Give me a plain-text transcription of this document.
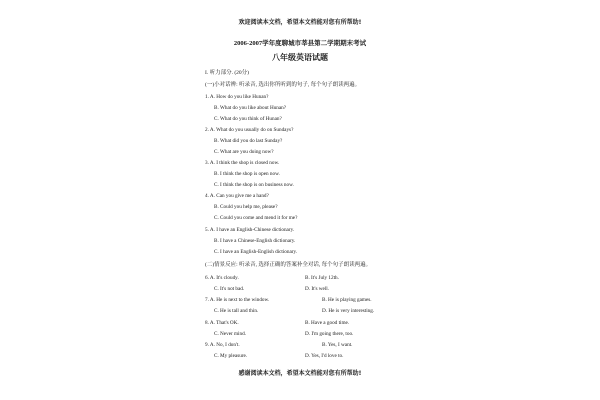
欢迎阅读本文档，希望本文档能对您有所帮助!
2006-2007学年度聊城市莘县第二学期期末考试
八年级英语试题
I. 听力部分. (20分)
(一)小对话辨: 听录音, 选出你所听到的句子, 每个句子朗读两遍。
1. A. How do you like Hunan?
B. What do you like about Hunan?
C. What do you think of Hunan?
2. A. What do you usually do on Sundays?
B. What did you do last Sunday?
C. What are you doing now?
3. A. I think the shop is closed now.
B. I think the shop is open now.
C. I think the shop is on business now.
4. A. Can you give me a hand?
B. Could you help me, please?
C. Could you come and mend it for me?
5. A. I have an English-Chinese dictionary.
B. I have a Chinese-English dictionary.
C. I have an English-English dictionary.
(二)情景反应: 听录音, 选择正确的答案补全对话, 每个句子朗读两遍。
6. A. It's cloudy.	B. It's July 12th.
C. It's not bad.	D. It's well.
7. A. He is next to the window.	B. He is playing games.
C. He is tall and thin.	D. He is very interesting.
8. A. That's OK.	B. Have a good time.
C. Never mind.	D. I'm going there, too.
9. A. No, I don't.	B. Yes, I want.
C. My pleasure.	D. Yes, I'd love to.
感谢阅读本文档，希望本文档能对您有所帮助!
